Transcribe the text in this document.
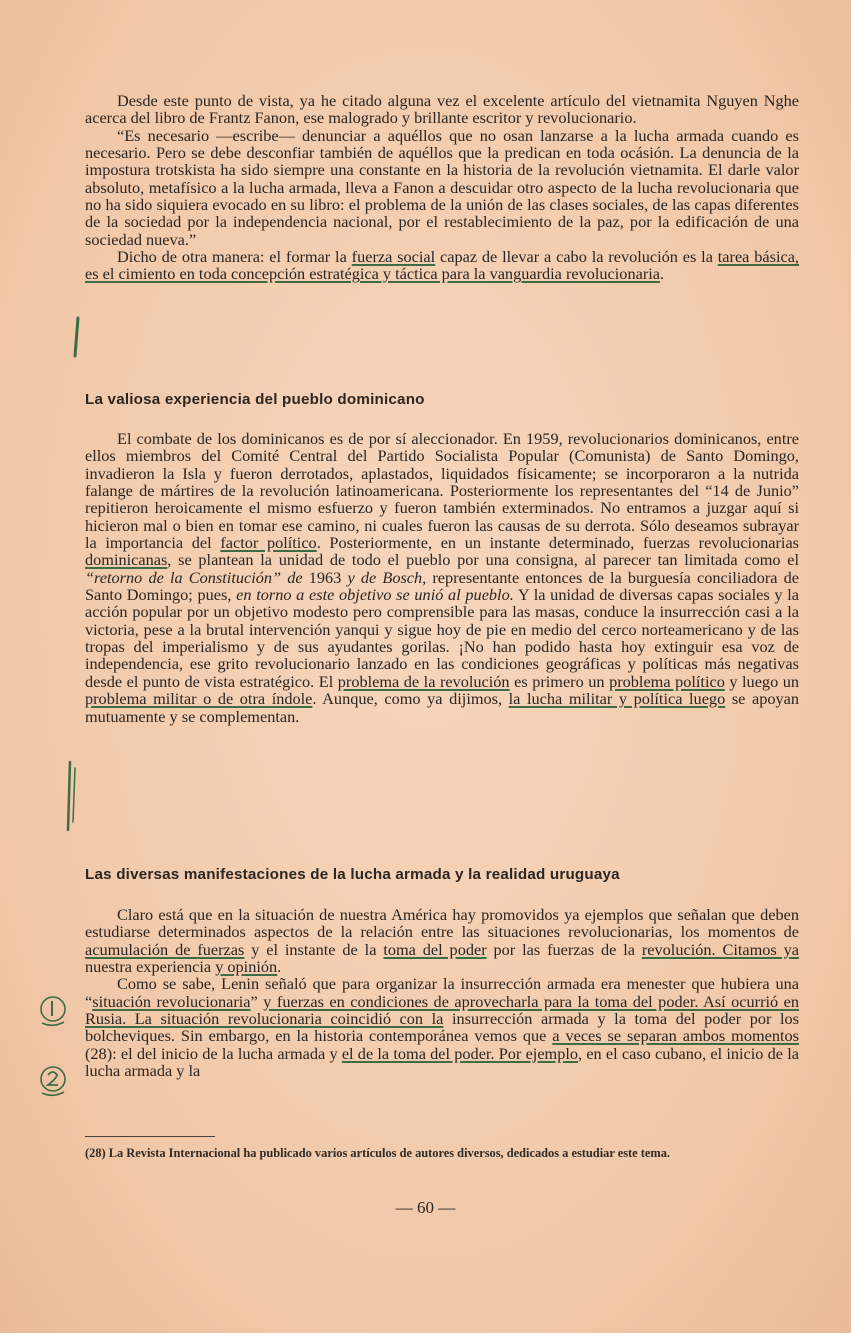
Desde este punto de vista, ya he citado alguna vez el excelente artículo del vietnamita Nguyen Nghe acerca del libro de Frantz Fanon, ese malogrado y brillante escritor y revolucionario.

“Es necesario —escribe— denunciar a aquéllos que no osan lanzarse a la lucha armada cuando es necesario. Pero se debe desconfiar también de aquéllos que la predican en toda ocásión. La denuncia de la impostura trotskista ha sido siempre una constante en la historia de la revolución vietnamita. El darle valor absoluto, metafísico a la lucha armada, lleva a Fanon a descuidar otro aspecto de la lucha revolucionaria que no ha sido siquiera evocado en su libro: el problema de la unión de las clases sociales, de las capas diferentes de la sociedad por la independencia nacional, por el restablecimiento de la paz, por la edificación de una sociedad nueva.”

Dicho de otra manera: el formar la fuerza social capaz de llevar a cabo la revolución es la tarea básica, es el cimiento en toda concepción estratégica y táctica para la vanguardia revolucionaria.

La valiosa experiencia del pueblo dominicano

El combate de los dominicanos es de por sí aleccionador. En 1959, revolucionarios dominicanos, entre ellos miembros del Comité Central del Partido Socialista Popular (Comunista) de Santo Domingo, invadieron la Isla y fueron derrotados, aplastados, liquidados físicamente; se incorporaron a la nutrida falange de mártires de la revolución latinoamericana. Posteriormente los representantes del “14 de Junio” repitieron heroicamente el mismo esfuerzo y fueron también exterminados. No entramos a juzgar aquí si hicieron mal o bien en tomar ese camino, ni cuales fueron las causas de su derrota. Sólo deseamos subrayar la importancia del factor político. Posteriormente, en un instante determinado, fuerzas revolucionarias dominicanas, se plantean la unidad de todo el pueblo por una consigna, al parecer tan limitada como el “retorno de la Constitución” de 1963 y de Bosch, representante entonces de la burguesía conciliadora de Santo Domingo; pues, en torno a este objetivo se unió al pueblo. Y la unidad de diversas capas sociales y la acción popular por un objetivo modesto pero comprensible para las masas, conduce la insurrección casi a la victoria, pese a la brutal intervención yanqui y sigue hoy de pie en medio del cerco norteamericano y de las tropas del imperialismo y de sus ayudantes gorilas. ¡No han podido hasta hoy extinguir esa voz de independencia, ese grito revolucionario lanzado en las condiciones geográficas y políticas más negativas desde el punto de vista estratégico. El problema de la revolución es primero un problema político y luego un problema militar o de otra índole. Aunque, como ya dijimos, la lucha militar y política luego se apoyan mutuamente y se complementan.

Las diversas manifestaciones de la lucha armada y la realidad uruguaya

Claro está que en la situación de nuestra América hay promovidos ya ejemplos que señalan que deben estudiarse determinados aspectos de la relación entre las situaciones revolucionarias, los momentos de acumulación de fuerzas y el instante de la toma del poder por las fuerzas de la revolución. Citamos ya nuestra experiencia y opinión.

Como se sabe, Lenin señaló que para organizar la insurrección armada era menester que hubiera una “situación revolucionaria” y fuerzas en condiciones de aprovecharla para la toma del poder. Así ocurrió en Rusia. La situación revolucionaria coincidió con la insurrección armada y la toma del poder por los bolcheviques. Sin embargo, en la historia contemporánea vemos que a veces se separan ambos momentos (28): el del inicio de la lucha armada y el de la toma del poder. Por ejemplo, en el caso cubano, el inicio de la lucha armada y la

(28) La Revista Internacional ha publicado varios artículos de autores diversos, dedicados a estudiar este tema.
— 60 —
